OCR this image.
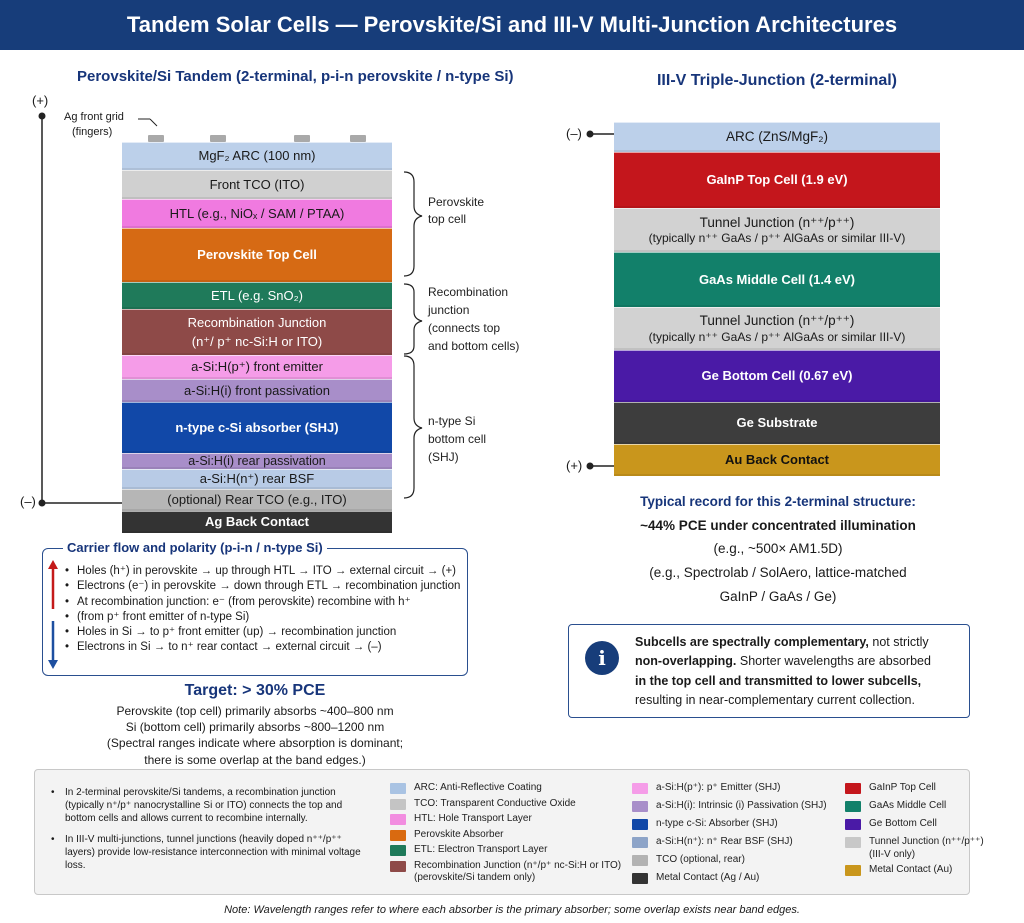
Tandem Solar Cells — Perovskite/Si and III-V Multi-Junction Architectures
Perovskite/Si Tandem (2-terminal, p-i-n perovskite / n-type Si)
(+)
(–)
Ag front grid
(fingers)
MgF₂ ARC (100 nm)
Front TCO (ITO)
HTL (e.g., NiOₓ / SAM / PTAA)
Perovskite Top Cell
ETL (e.g. SnO₂)
Recombination Junction
(n⁺/ p⁺ nc-Si:H or ITO)
a-Si:H(p⁺) front emitter
a-Si:H(i) front passivation
n-type c-Si absorber (SHJ)
a-Si:H(i) rear passivation
a-Si:H(n⁺) rear BSF
(optional) Rear TCO (e.g., ITO)
Ag Back Contact
Perovskite
top cell
Recombination
junction
(connects top
and bottom cells)
n-type Si
bottom cell
(SHJ)
Carrier flow and polarity (p-i-n / n-type Si)
• Holes (h⁺) in perovskite → up through HTL → ITO → external circuit → (+)
• Electrons (e⁻) in perovskite → down through ETL → recombination junction
• At recombination junction: e⁻ (from perovskite) recombine with h⁺
• (from p⁺ front emitter of n-type Si)
• Holes in Si → to p⁺ front emitter (up) → recombination junction
• Electrons in Si → to n⁺ rear contact → external circuit → (–)
Target: > 30% PCE
Perovskite (top cell) primarily absorbs ~400–800 nm
Si (bottom cell) primarily absorbs ~800–1200 nm
(Spectral ranges indicate where absorption is dominant;
there is some overlap at the band edges.)
III-V Triple-Junction (2-terminal)
(–)
(+)
ARC (ZnS/MgF₂)
GaInP Top Cell (1.9 eV)
Tunnel Junction (n⁺⁺/p⁺⁺)
(typically n⁺⁺ GaAs / p⁺⁺ AlGaAs or similar III-V)
GaAs Middle Cell (1.4 eV)
Tunnel Junction (n⁺⁺/p⁺⁺)
(typically n⁺⁺ GaAs / p⁺⁺ AlGaAs or similar III-V)
Ge Bottom Cell (0.67 eV)
Ge Substrate
Au Back Contact
Typical record for this 2-terminal structure:
~44% PCE under concentrated illumination
(e.g., ~500× AM1.5D)
(e.g., Spectrolab / SolAero, lattice-matched
GaInP / GaAs / Ge)
i
Subcells are spectrally complementary, not strictly
non-overlapping. Shorter wavelengths are absorbed
in the top cell and transmitted to lower subcells,
resulting in near-complementary current collection.
• In 2-terminal perovskite/Si tandems, a recombination junction (typically n⁺/p⁺ nanocrystalline Si or ITO) connects the top and bottom cells and allows current to recombine internally.
• In III-V multi-junctions, tunnel junctions (heavily doped n⁺⁺/p⁺⁺ layers) provide low-resistance interconnection with minimal voltage loss.
Note: Wavelength ranges refer to where each absorber is the primary absorber; some overlap exists near band edges.
ARC: Anti-Reflective Coating
TCO: Transparent Conductive Oxide
HTL: Hole Transport Layer
Perovskite Absorber
ETL: Electron Transport Layer
Recombination Junction (n⁺/p⁺ nc-Si:H or ITO)
(perovskite/Si tandem only)
a-Si:H(p⁺): p⁺ Emitter (SHJ)
a-Si:H(i): Intrinsic (i) Passivation (SHJ)
n-type c-Si: Absorber (SHJ)
a-Si:H(n⁺): n⁺ Rear BSF (SHJ)
TCO (optional, rear)
Metal Contact (Ag / Au)
GaInP Top Cell
GaAs Middle Cell
Ge Bottom Cell
Tunnel Junction (n⁺⁺/p⁺⁺)
(III-V only)
Metal Contact (Au)
